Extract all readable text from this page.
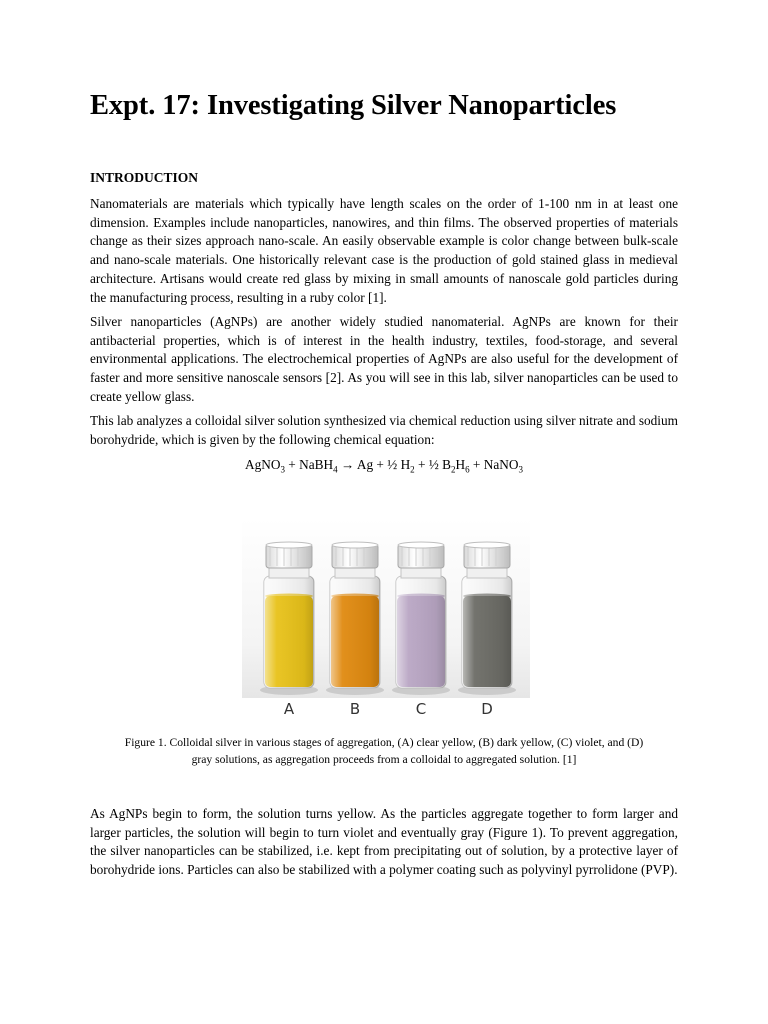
Expt. 17: Investigating Silver Nanoparticles
INTRODUCTION

Nanomaterials are materials which typically have length scales on the order of 1-100 nm in at least one dimension. Examples include nanoparticles, nanowires, and thin films. The observed properties of materials change as their sizes approach nano-scale. An easily observable example is color change between bulk-scale and nano-scale materials. One historically relevant case is the production of gold stained glass in medieval architecture. Artisans would create red glass by mixing in small amounts of nanoscale gold particles during the manufacturing process, resulting in a ruby color [1].

Silver nanoparticles (AgNPs) are another widely studied nanomaterial. AgNPs are known for their antibacterial properties, which is of interest in the health industry, textiles, food-storage, and several environmental applications. The electrochemical properties of AgNPs are also useful for the development of faster and more sensitive nanoscale sensors [2]. As you will see in this lab, silver nanoparticles can be used to create yellow glass.

This lab analyzes a colloidal silver solution synthesized via chemical reduction using silver nitrate and sodium borohydride, which is given by the following chemical equation:

AgNO$_3$ + NaBH$_4$ → Ag + ½ $H_2$ + ½ $B_2H_6$ + NaNO$_3$
A	B	C	D
Figure 1. Colloidal silver in various stages of aggregation, (A) clear yellow, (B) dark yellow, (C) violet, and (D)
gray solutions, as aggregation proceeds from a colloidal to aggregated solution. [1]

As AgNPs begin to form, the solution turns yellow. As the particles aggregate together to form larger and larger particles, the solution will begin to turn violet and eventually gray (Figure 1). To prevent aggregation, the silver nanoparticles can be stabilized, i.e. kept from precipitating out of solution, by a protective layer of borohydride ions. Particles can also be stabilized with a polymer coating such as polyvinyl pyrrolidone (PVP).
